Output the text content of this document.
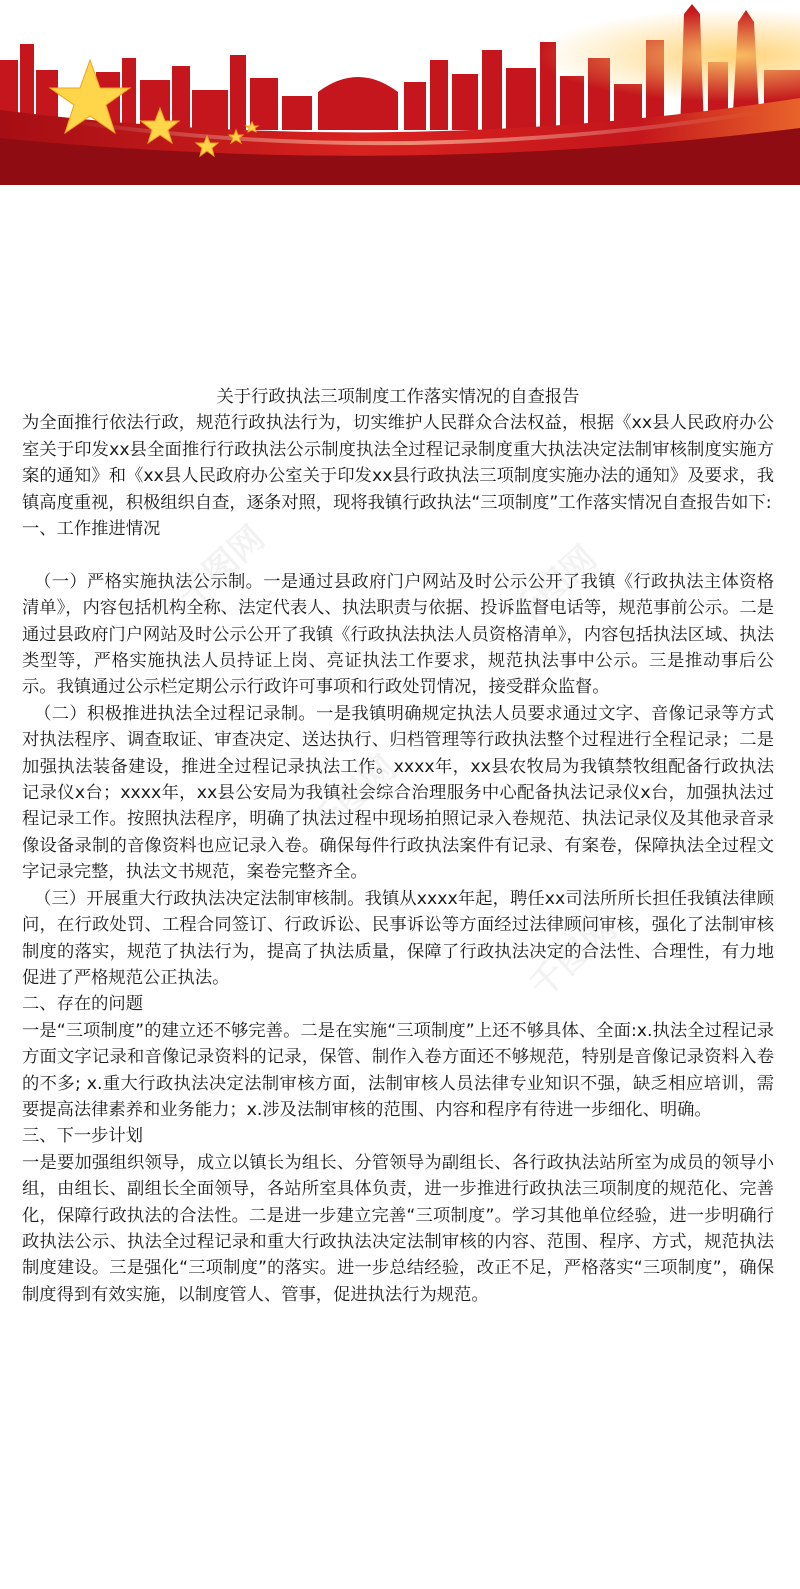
千图网	千图网
千图网
千图网

关于行政执法三项制度工作落实情况的自查报告

为全面推行依法行政，规范行政执法行为，切实维护人民群众合法权益，根据《xx县人民政府办公室关于印发xx县全面推行行政执法公示制度执法全过程记录制度重大执法决定法制审核制度实施方案的通知》和《xx县人民政府办公室关于印发xx县行政执法三项制度实施办法的通知》及要求，我镇高度重视，积极组织自查，逐条对照，现将我镇行政执法“三项制度”工作落实情况自查报告如下:

一、工作推进情况

（一）严格实施执法公示制。一是通过县政府门户网站及时公示公开了我镇《行政执法主体资格清单》，内容包括机构全称、法定代表人、执法职责与依据、投诉监督电话等，规范事前公示。二是通过县政府门户网站及时公示公开了我镇《行政执法执法人员资格清单》，内容包括执法区域、执法类型等，严格实施执法人员持证上岗、亮证执法工作要求，规范执法事中公示。三是推动事后公示。我镇通过公示栏定期公示行政许可事项和行政处罚情况，接受群众监督。

（二）积极推进执法全过程记录制。一是我镇明确规定执法人员要求通过文字、音像记录等方式对执法程序、调查取证、审查决定、送达执行、归档管理等行政执法整个过程进行全程记录；二是加强执法装备建设，推进全过程记录执法工作。xxxx年，xx县农牧局为我镇禁牧组配备行政执法记录仪x台；xxxx年，xx县公安局为我镇社会综合治理服务中心配备执法记录仪x台，加强执法过程记录工作。按照执法程序，明确了执法过程中现场拍照记录入卷规范、执法记录仪及其他录音录像设备录制的音像资料也应记录入卷。确保每件行政执法案件有记录、有案卷，保障执法全过程文字记录完整，执法文书规范，案卷完整齐全。

（三）开展重大行政执法决定法制审核制。我镇从xxxx年起，聘任xx司法所所长担任我镇法律顾问，在行政处罚、工程合同签订、行政诉讼、民事诉讼等方面经过法律顾问审核，强化了法制审核制度的落实，规范了执法行为，提高了执法质量，保障了行政执法决定的合法性、合理性，有力地促进了严格规范公正执法。

二、存在的问题

一是“三项制度”的建立还不够完善。二是在实施“三项制度”上还不够具体、全面:x.执法全过程记录方面文字记录和音像记录资料的记录，保管、制作入卷方面还不够规范，特别是音像记录资料入卷的不多; x.重大行政执法决定法制审核方面，法制审核人员法律专业知识不强，缺乏相应培训，需要提高法律素养和业务能力；x.涉及法制审核的范围、内容和程序有待进一步细化、明确。

三、下一步计划

一是要加强组织领导，成立以镇长为组长、分管领导为副组长、各行政执法站所室为成员的领导小组，由组长、副组长全面领导，各站所室具体负责，进一步推进行政执法三项制度的规范化、完善化，保障行政执法的合法性。二是进一步建立完善“三项制度”。学习其他单位经验，进一步明确行政执法公示、执法全过程记录和重大行政执法决定法制审核的内容、范围、程序、方式，规范执法制度建设。三是强化“三项制度”的落实。进一步总结经验，改正不足，严格落实“三项制度”，确保制度得到有效实施，以制度管人、管事，促进执法行为规范。
